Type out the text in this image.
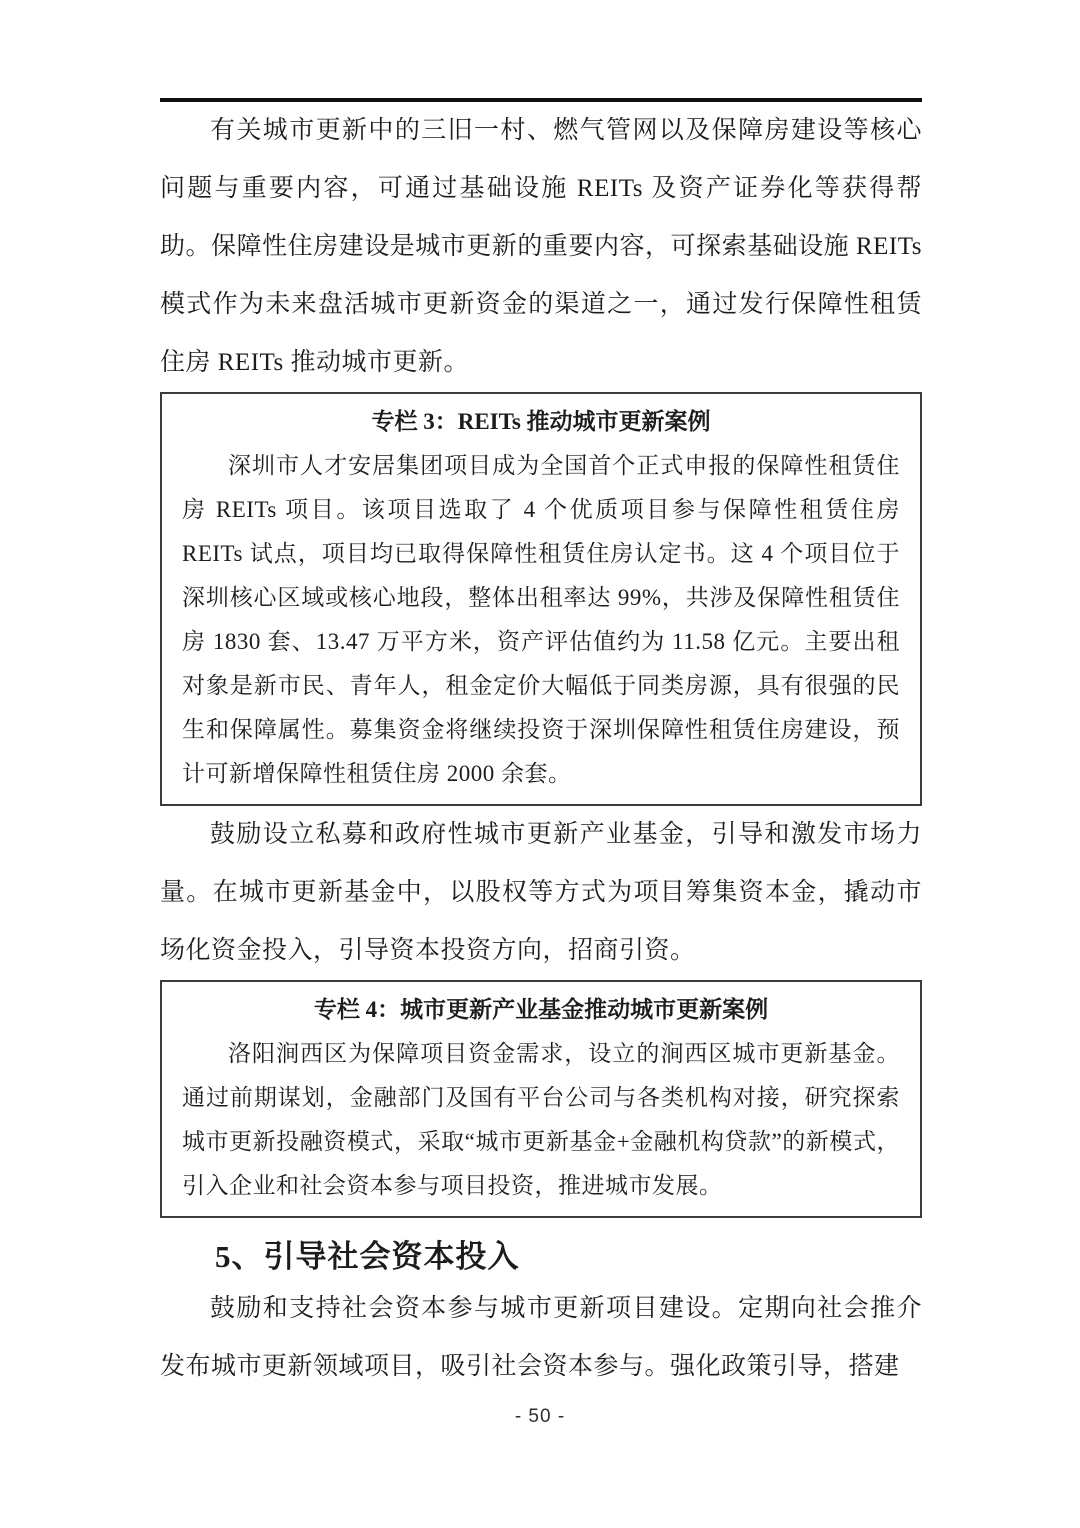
有关城市更新中的三旧一村、燃气管网以及保障房建设等核心问题与重要内容，可通过基础设施 REITs 及资产证券化等获得帮助。保障性住房建设是城市更新的重要内容，可探索基础设施 REITs 模式作为未来盘活城市更新资金的渠道之一，通过发行保障性租赁住房 REITs 推动城市更新。

专栏 3：REITs 推动城市更新案例

深圳市人才安居集团项目成为全国首个正式申报的保障性租赁住房 REITs 项目。该项目选取了 4 个优质项目参与保障性租赁住房 REITs 试点，项目均已取得保障性租赁住房认定书。这 4 个项目位于深圳核心区域或核心地段，整体出租率达 99%，共涉及保障性租赁住房 1830 套、13.47 万平方米，资产评估值约为 11.58 亿元。主要出租对象是新市民、青年人，租金定价大幅低于同类房源，具有很强的民生和保障属性。募集资金将继续投资于深圳保障性租赁住房建设，预计可新增保障性租赁住房 2000 余套。

鼓励设立私募和政府性城市更新产业基金，引导和激发市场力量。在城市更新基金中，以股权等方式为项目筹集资本金，撬动市场化资金投入，引导资本投资方向，招商引资。

专栏 4：城市更新产业基金推动城市更新案例

洛阳涧西区为保障项目资金需求，设立的涧西区城市更新基金。通过前期谋划，金融部门及国有平台公司与各类机构对接，研究探索城市更新投融资模式，采取“城市更新基金+金融机构贷款”的新模式，引入企业和社会资本参与项目投资，推进城市发展。

5、引导社会资本投入

鼓励和支持社会资本参与城市更新项目建设。定期向社会推介发布城市更新领域项目，吸引社会资本参与。强化政策引导，搭建

- 50 -
